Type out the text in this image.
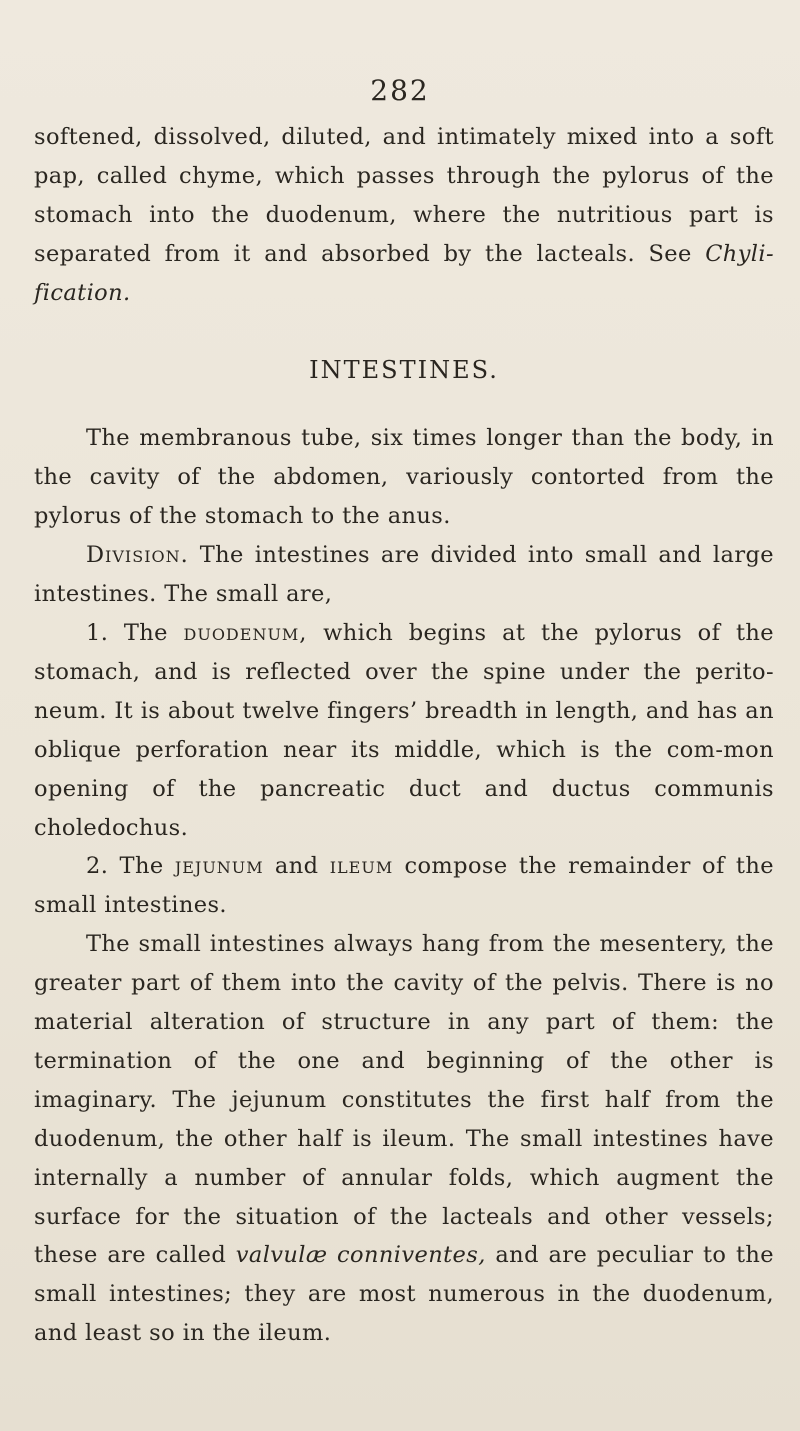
282

softened, dissolved, diluted, and intimately mixed into a soft pap, called chyme, which passes through the pylorus of the stomach into the duodenum, where the nutritious part is separated from it and absorbed by the lacteals. See Chyli-fication.

INTESTINES.

The membranous tube, six times longer than the body, in the cavity of the abdomen, variously contorted from the pylorus of the stomach to the anus.

Division. The intestines are divided into small and large intestines. The small are,

1. The duodenum, which begins at the pylorus of the stomach, and is reflected over the spine under the perito-neum. It is about twelve fingers’ breadth in length, and has an oblique perforation near its middle, which is the com-mon opening of the pancreatic duct and ductus communis choledochus.

2. The jejunum and ileum compose the remainder of the small intestines.

The small intestines always hang from the mesentery, the greater part of them into the cavity of the pelvis. There is no material alteration of structure in any part of them: the termination of the one and beginning of the other is imaginary. The jejunum constitutes the first half from the duodenum, the other half is ileum. The small intestines have internally a number of annular folds, which augment the surface for the situation of the lacteals and other vessels; these are called valvulæ conniventes, and are peculiar to the small intestines; they are most numerous in the duodenum, and least so in the ileum.
